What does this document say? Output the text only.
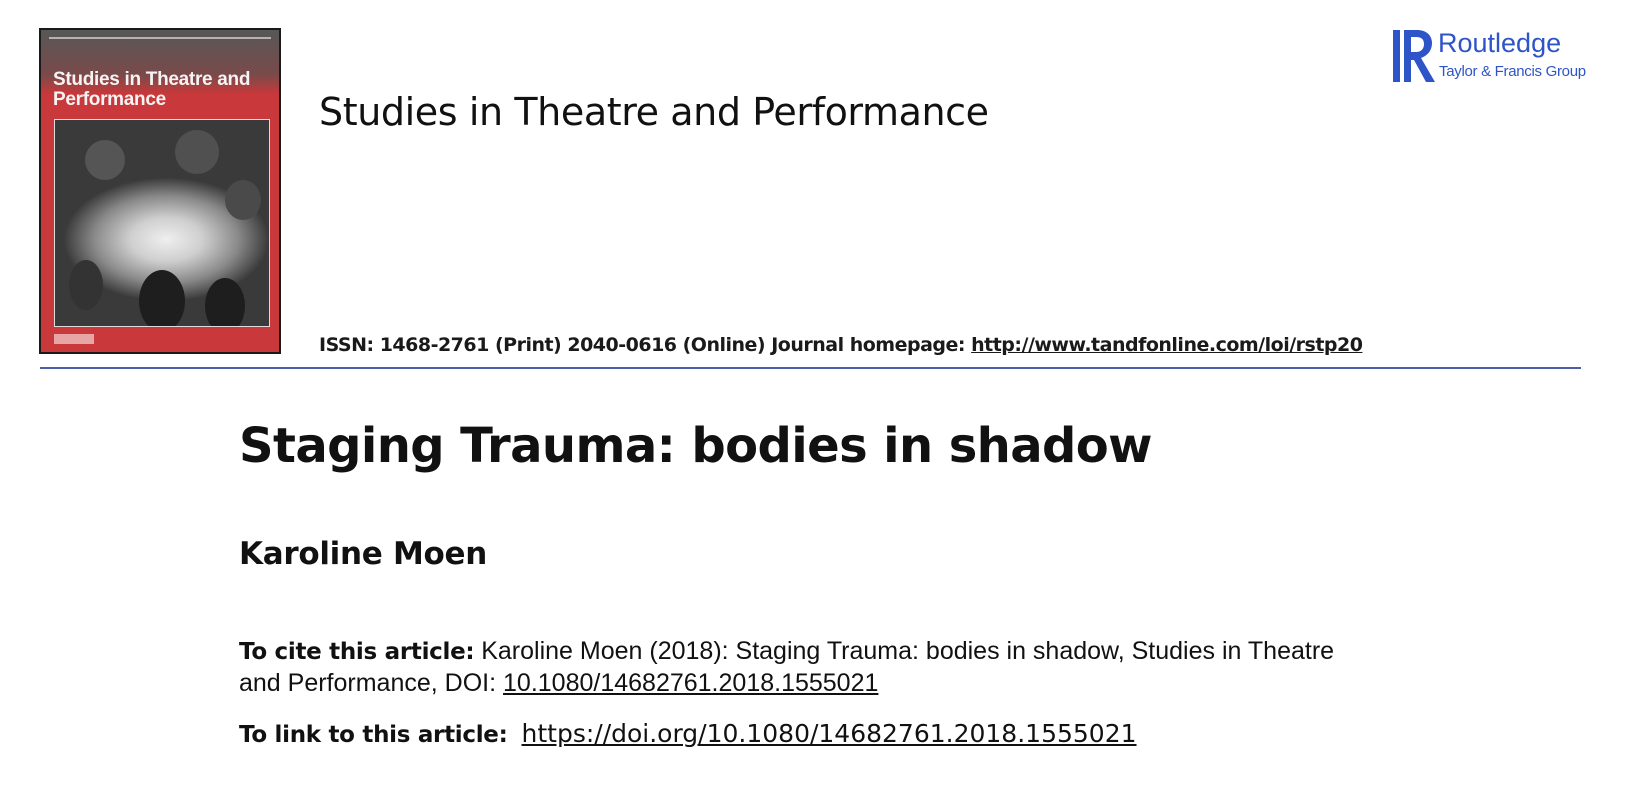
Studies in Theatre and Performance	Studies in Theatre and Performance
ISSN: 1468-2761 (Print) 2040-0616 (Online) Journal homepage: http://www.tandfonline.com/loi/rstp20
Routledge
Taylor & Francis Group
Staging Trauma: bodies in shadow
Karoline Moen
To cite this article: Karoline Moen (2018): Staging Trauma: bodies in shadow, Studies in Theatre and Performance, DOI: 10.1080/14682761.2018.1555021
To link to this article: https://doi.org/10.1080/14682761.2018.1555021
